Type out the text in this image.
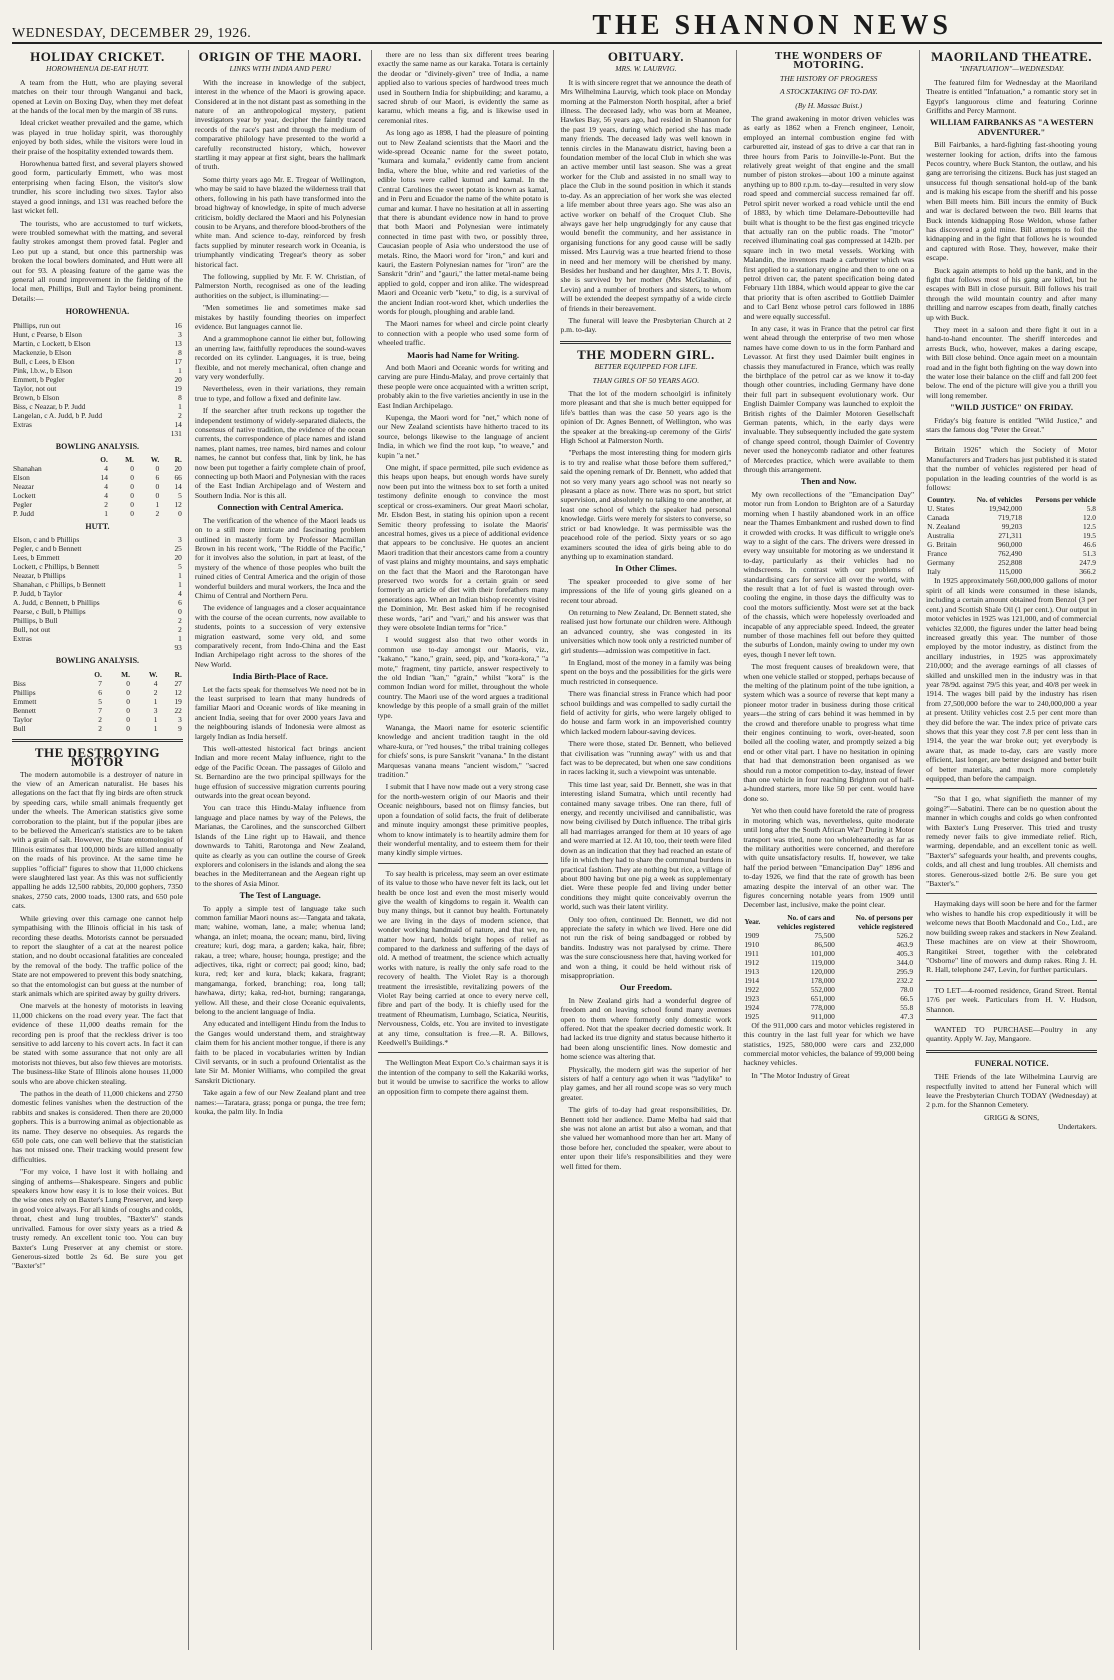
WEDNESDAY, DECEMBER 29, 1926.	THE SHANNON NEWS
HOLIDAY CRICKET.
HOROWHENUA DE-EAT HUTT.

A team from the Hutt, who are playing several matches on their tour through Wanganui and back, opened at Levin on Boxing Day, when they met defeat at the hands of the local men by the margin of 38 runs.

Ideal cricket weather prevailed and the game, which was played in true holiday spirit, was thoroughly enjoyed by both sides, while the visitors were loud in their praise of the hospitality extended towards them.

Horowhenua batted first, and several players showed good form, particularly Emmett, who was most enterprising when facing Elson, the visitor's slow trundler, his score including two sixes. Taylor also stayed a good innings, and 131 was reached before the last wicket fell.

The tourists, who are accustomed to turf wickets, were troubled somewhat with the matting, and several faulty strokes amongst them proved fatal. Pegler and Leo put up a stand, but once this partnership was broken the local bowlers dominated, and Hutt were all out for 93. A pleasing feature of the game was the general all round improvement in the fielding of the local men, Phillips, Bull and Taylor being prominent. Details:—

HOROWHENUA.
Phillips, run out	16
Hunt, c Pearse, b Elson	3
Martin, c Lockett, b Elson	13
Mackenzie, b Elson	8
Bull, c Lees, b Elson	17
Pink, l.b.w., b Elson	1
Emmett, b Pegler	20
Taylor, not out	19
Brown, b Elson	8
Biss, c Neazar, b P. Judd	1
Langelan, c A. Judd, b P. Judd	2
Extras	14
	131
BOWLING ANALYSIS.
	O.	M.	W.	R.
Shanahan	4	0	0	20
Elson	14	0	6	66
Neazar	4	0	0	14
Lockett	4	0	0	5
Pegler	2	0	1	12
P. Judd	1	0	2	0
HUTT.
Elson, c and b Phillips	3
Pegler, c and b Bennett	25
Lees, b Emmett	20
Lockett, c Phillips, b Bennett	5
Neazar, b Phillips	1
Shanahan, c Phillips, b Bennett	1
P. Judd, b Taylor	4
A. Judd, c Bennett, b Phillips	6
Pearse, c Bull, b Phillips	0
Phillips, b Bull	2
Bull, not out	2
Extras	1
	93
BOWLING ANALYSIS.
	O.	M.	W.	R.
Biss	7	0	4	27
Phillips	6	0	2	12
Emmett	5	0	1	19
Bennett	7	0	3	22
Taylor	2	0	1	3
Bull	2	0	1	9
THE DESTROYING MOTOR

The modern automobile is a destroyer of nature in the view of an American naturalist. He bases his allegations on the fact that fly ing birds are often struck by speeding cars, while small animals frequently get under the wheels. The American statistics give some corroboration to the plaint, but if the popular jibes are to be believed the American's statistics are to be taken with a grain of salt. However, the State entomologist of Illinois estimates that 100,000 birds are killed annually on the roads of his province. At the same time he supplies "official" figures to show that 11,000 chickens were slaughtered last year. As this was not sufficiently appalling he adds 12,500 rabbits, 20,000 gophers, 7350 snakes, 2750 cats, 2000 toads, 1300 rats, and 650 pole cats.

While grieving over this carnage one cannot help sympathising with the Illinois official in his task of recording these deaths. Motorists cannot be persuaded to report the slaughter of a cat at the nearest police station, and no doubt occasional fatalities are concealed by the removal of the body. The traffic police of the State are not empowered to prevent this body snatching, so that the entomologist can but guess at the number of stark animals which are spirited away by guilty drivers.

One marvels at the honesty of motorists in leaving 11,000 chickens on the road every year. The fact that evidence of these 11,000 deaths remain for the recording pen is proof that the reckless driver is too sensitive to add larceny to his covert acts. In fact it can be stated with some assurance that not only are all motorists not thieves, but also few thieves are motorists. The business-like State of Illinois alone houses 11,000 souls who are above chicken stealing.

The pathos in the death of 11,000 chickens and 2750 domestic felines vanishes when the destruction of the rabbits and snakes is considered. Then there are 20,000 gophers. This is a burrowing animal as objectionable as its name. They deserve no obsequies. As regards the 650 pole cats, one can well believe that the statistician has not missed one. Their tracking would present few difficulties.

"For my voice, I have lost it with hollaing and singing of anthems—Shakespeare. Singers and public speakers know how easy it is to lose their voices. But the wise ones rely on Baxter's Lung Preserver, and keep in good voice always. For all kinds of coughs and colds, throat, chest and lung troubles, "Baxter's" stands unrivalled. Famous for over sixty years as a tried & trusty remedy. An excellent tonic too. You can buy Baxter's Lung Preserver at any chemist or store. Generous-sized bottle 2s 6d. Be sure you get "Baxter's!"

ORIGIN OF THE MAORI.
LINKS WITH INDIA AND PERU

With the increase in knowledge of the subject, interest in the whence of the Maori is growing apace. Considered at in the not distant past as something in the nature of an anthropological mystery, patient investigators year by year, decipher the faintly traced records of the race's past and through the medium of comparative philology have presented to the world a carefully reconstructed history, which, however startling it may appear at first sight, bears the hallmark of truth.

Some thirty years ago Mr. E. Tregear of Wellington, who may be said to have blazed the wilderness trail that others, following in his path have transformed into the broad highway of knowledge, in spite of much adverse criticism, boldly declared the Maori and his Polynesian cousin to be Aryans, and therefore blood-brothers of the white man. And science to-day, reinforced by fresh facts supplied by minuter research work in Oceania, is triumphantly vindicating Tregear's theory as sober historical fact.

The following, supplied by Mr. F. W. Christian, of Palmerston North, recognised as one of the leading authorities on the subject, is illuminating:—

"Men sometimes lie and sometimes make sad mistakes by hastily founding theories on imperfect evidence. But languages cannot lie.

And a grammophone cannot lie either but, following an unerring law, faithfully reproduces the sound-waves recorded on its cylinder. Languages, it is true, being flexible, and not merely mechanical, often change and vary very wonderfully.

Nevertheless, even in their variations, they remain true to type, and follow a fixed and definite law.

If the searcher after truth reckons up together the independent testimony of widely-separated dialects, the consensus of native tradition, the evidence of the ocean currents, the correspondence of place names and island names, plant names, tree names, bird names and colour names, he cannot but confess that, link by link, he has now been put together a fairly complete chain of proof, connecting up both Maori and Polynesian with the races of the East Indian Archipelago and of Western and Southern India. Nor is this all.

Connection with Central America.

The verification of the whence of the Maori leads us on to a still more intricate and fascinating problem outlined in masterly form by Professor Macmillan Brown in his recent work, "The Riddle of the Pacific," for it involves also the solution, in part at least, of the mystery of the whence of those peoples who built the ruined cities of Central America and the origin of those wonderful builders and mural workers, the Inca and the Chimu of Central and Northern Peru.

The evidence of languages and a closer acquaintance with the course of the ocean currents, now available to students, points to a succession of very extensive migration eastward, some very old, and some comparatively recent, from Indo-China and the East Indian Archipelago right across to the shores of the New World.

India Birth-Place of Race.

Let the facts speak for themselves We need not be in the least surprised to learn that many hundreds of familiar Maori and Oceanic words of like meaning in ancient India, seeing that for over 2000 years Java and the neighbouring islands of Indonesia were almost as largely Indian as India herself.

This well-attested historical fact brings ancient Indian and more recent Malay influence, right to the edge of the Pacific Ocean. The passages of Gilolo and St. Bernardino are the two principal spillways for the huge effusion of successive migration currents pouring outwards into the great ocean beyond.

You can trace this Hindu-Malay influence from language and place names by way of the Pelews, the Marianas, the Carolines, and the sunscorched Gilbert Islands of the Line right up to Hawaii, and thence downwards to Tahiti, Rarotonga and New Zealand, quite as clearly as you can outline the course of Greek explorers and colonisers in the islands and along the sea beaches in the Mediterranean and the Aegean right up to the shores of Asia Minor.

The Test of Language.

To apply a simple test of language take such common familiar Maori nouns as:—Tangata and takata, man; wahine, woman, lane, a male; whenua land; whanga, an inlet; moana, the ocean; manu, bird, living creature; kuri, dog; mara, a garden; kaka, hair, fibre; rakau, a tree; whare, house; hounga, prestige; and the adjectives, tika, right or correct; pai good; kino, bad; kura, red; ker and kura, black; kakara, fragrant; mangamanga, forked, branching; roa, long tall; hawhawa, dirty; kaka, red-hot, burning; rangaranga, yellow. All these, and their close Oceanic equivalents, belong to the ancient language of India.

Any educated and intelligent Hindu from the Indus to the Ganges would understand them, and straightway claim them for his ancient mother tongue, if there is any faith to be placed in vocabularies written by Indian Civil servants, or in such a profound Orientalist as the late Sir M. Monier Williams, who compiled the great Sanskrit Dictionary.

Take again a few of our New Zealand plant and tree names:—Taratara, grass; ponga or punga, the tree fern; kouka, the palm lily. In India

there are no less than six different trees bearing exactly the same name as our karaka. Totara is certainly the deodar or "divinely-given" tree of India, a name applied also to various species of hardwood trees much used in Southern India for shipbuilding; and karamu, a sacred shrub of our Maori, is evidently the same as karamu, which means a fig, and is likewise used in ceremonial rites.

As long ago as 1898, I had the pleasure of pointing out to New Zealand scientists that the Maori and the wide-spread Oceanic name for the sweet potato, "kumara and kumala," evidently came from ancient India, where the blue, white and red varieties of the edible lotus were called kumud and kamal. In the Central Carolines the sweet potato is known as kamal, and in Peru and Ecuador the name of the white potato is cumar and kumar. I have no hesitation at all in asserting that there is abundant evidence now in hand to prove that both Maori and Polynesian were intimately connected in time past with two, or possibly three, Caucasian people of Asia who understood the use of metals. Rino, the Maori word for "iron," and kuri and kauri, the Eastern Polynesian names for "iron" are the Sanskrit "drin" and "gauri," the latter metal-name being applied to gold, copper and iron alike. The widespread Maori and Oceanic verb "ketu," to dig, is a survival of the ancient Indian root-word khet, which underlies the words for plough, ploughing and arable land.

The Maori names for wheel and circle point clearly to connection with a people who used some form of wheeled traffic.

Maoris had Name for Writing.

And both Maori and Oceanic words for writing and carving are pure Hindu-Malay, and prove certainly that these people were once acquainted with a written script, probably akin to the five varieties anciently in use in the East Indian Archipelago.

Kupenga, the Maori word for "net," which none of our New Zealand scientists have hitherto traced to its source, belongs likewise to the language of ancient India, in which we find the root kup, "to weave," and kupin "a net."

One might, if space permitted, pile such evidence as this heaps upon heaps, but enough words have surely now been put into the witness box to set forth a united testimony definite enough to convince the most sceptical or cross-examiners. Our great Maori scholar, Mr. Elsdon Best, in stating his opinion upon a recent Semitic theory professing to isolate the Maoris' ancestral homes, gives us a piece of additional evidence that appears to be conclusive. He quotes an ancient Maori tradition that their ancestors came from a country of vast plains and mighty mountains, and says emphatic on the fact that the Maori and the Rarotongan have preserved two words for a certain grain or seed formerly an article of diet with their forefathers many generations ago. When an Indian bishop recently visited the Dominion, Mr. Best asked him if he recognised these words, "ari" and "vari," and his answer was that they were obsolete Indian terms for "rice."

I would suggest also that two other words in common use to-day amongst our Maoris, viz., "kakano," "kano," grain, seed, pip, and "kora-kora," "a mote," fragment, tiny particle, answer respectively to the old Indian "kan," "grain," whilst "kora" is the common Indian word for millet, throughout the whole country. The Maori use of the word argues a traditional knowledge by this people of a small grain of the millet type.

Wananga, the Maori name for esoteric scientific knowledge and ancient tradition taught in the old whare-kura, or "red houses," the tribal training colleges for chiefs' sons, is pure Sanskrit "vanana." In the distant Marquesas vanana means "ancient wisdom," "sacred tradition."

I submit that I have now made out a very strong case for the north-western origin of our Maoris and their Oceanic neighbours, based not on flimsy fancies, but upon a foundation of solid facts, the fruit of deliberate and minute inquiry amongst these primitive peoples, whom to know intimately is to heartily admire them for their wonderful mentality, and to esteem them for their many kindly simple virtues.

To say health is priceless, may seem an over estimate of its value to those who have never felt its lack, out let health be once lost and even the most miserly would give the wealth of kingdoms to regain it. Wealth can buy many things, but it cannot buy health. Fortunately we are living in the days of modern science, that wonder working handmaid of nature, and that we, no matter how hard, holds bright hopes of relief as compared to the darkness and suffering of the days of old. A method of treatment, the science which actually works with nature, is really the only safe road to the recovery of health. The Violet Ray is a thorough treatment the irresistible, revitalizing powers of the Violet Ray being carried at once to every nerve cell, fibre and part of the body. It is chiefly used for the treatment of Rheumatism, Lumbago, Sciatica, Neuritis, Nervousness, Colds, etc. You are invited to investigate at any time, consultation is free.—R. A. Billows, Keedwell's Buildings.*

The Wellington Meat Export Co.'s chairman says it is the intention of the company to sell the Kakariki works, but it would be unwise to sacrifice the works to allow an opposition firm to compete there against them.

OBITUARY.
MRS. W. LAURVIG.

It is with sincere regret that we announce the death of Mrs Wilhelmina Laurvig, which took place on Monday morning at the Palmerston North hospital, after a brief illness. The deceased lady, who was born at Meanee, Hawkes Bay, 56 years ago, had resided in Shannon for the past 19 years, during which period she has made many friends. The deceased lady was well known in tennis circles in the Manawatu district, having been a foundation member of the local Club in which she was an active member until last season. She was a great worker for the Club and assisted in no small way to place the Club in the sound position in which it stands to-day. As an appreciation of her work she was elected a life member about three years ago. She was also an active worker on behalf of the Croquet Club. She always gave her help ungrudgingly for any cause that would benefit the community, and her assistance in organising functions for any good cause will be sadly missed. Mrs Laurvig was a true hearted friend to those in need and her memory will be cherished by many. Besides her husband and her daughter, Mrs J. T. Bovis, she is survived by her mother (Mrs McGlashin, of Levin) and a number of brothers and sisters, to whom will be extended the deepest sympathy of a wide circle of friends in their bereavement.

The funeral will leave the Presbyterian Church at 2 p.m. to-day.

THE MODERN GIRL.
BETTER EQUIPPED FOR LIFE.
THAN GIRLS OF 50 YEARS AGO.

That the lot of the modern schoolgirl is infinitely more pleasant and that she is much better equipped for life's battles than was the case 50 years ago is the opinion of Dr. Agnes Bennett, of Wellington, who was the speaker at the breaking-up ceremony of the Girls' High School at Palmerston North.

"Perhaps the most interesting thing for modern girls is to try and realise what those before them suffered," said the opening remark of Dr. Bennett, who added that not so very many years ago school was not nearly so pleasant a place as now. There was no sport, but strict supervision, and absolutely no talking to one another, at least one school of which the speaker had personal knowledge. Girls were merely for sisters to converse, so strict or bad knowledge. It was permissible was the peacehood role of the period. Sixty years or so ago examiners scouted the idea of girls being able to do anything up to examination standard.

In Other Climes.

The speaker proceeded to give some of her impressions of the life of young girls gleaned on a recent tour abroad.

On returning to New Zealand, Dr. Bennett stated, she realised just how fortunate our children were. Although an advanced country, she was congested in its universities which now took only a restricted number of girl students—admission was competitive in fact.

In England, most of the money in a family was being spent on the boys and the possibilities for the girls were much restricted in consequence.

There was financial stress in France which had poor school buildings and was compelled to sadly curtail the field of activity for girls, who were largely obliged to do house and farm work in an impoverished country which lacked modern labour-saving devices.

There were those, stated Dr. Bennett, who believed that civilisation was "running away" with us and that fact was to be deprecated, but when one saw conditions in races lacking it, such a viewpoint was untenable.

This time last year, said Dr. Bennett, she was in that interesting island Sumatra, which until recently had contained many savage tribes. One ran there, full of energy, and recently uncivilised and cannibalistic, was now being civilised by Dutch influence. The tribal girls all had marriages arranged for them at 10 years of age and were married at 12. At 10, too, their teeth were filed down as an indication that they had reached an estate of life in which they had to share the communal burdens in practical fashion. They ate nothing but rice, a village of about 800 having but one pig a week as supplementary diet. Were these people fed and living under better conditions they might quite conceivably overrun the world, such was their latent virility.

Only too often, continued Dr. Bennett, we did not appreciate the safety in which we lived. Here one did not run the risk of being sandbagged or robbed by bandits. Industry was not paralysed by crime. There was the sure consciousness here that, having worked for and won a thing, it could be held without risk of misappropriation.

Our Freedom.

In New Zealand girls had a wonderful degree of freedom and on leaving school found many avenues open to them where formerly only domestic work offered. Not that the speaker decried domestic work. It had lacked its true dignity and status because hitherto it had been along unscientific lines. Now domestic and home science was altering that.

Physically, the modern girl was the superior of her sisters of half a century ago when it was "ladylike" to play games, and her all round scope was so very much greater.

The girls of to-day had great responsibilities, Dr. Bennett told her audience. Dame Melba had said that she was not alone an artist but also a woman, and that she valued her womanhood more than her art. Many of those before her, concluded the speaker, were about to enter upon their life's responsibilities and they were well fitted for them.

THE WONDERS OF MOTORING.
THE HISTORY OF PROGRESS
A STOCKTAKING OF TO-DAY.
(By H. Massac Buist.)

The grand awakening in motor driven vehicles was as early as 1862 when a French engineer, Lenoir, employed an internal combustion engine fed with carburetted air, instead of gas to drive a car that ran in three hours from Paris to Joinville-le-Pont. But the relatively great weight of that engine and the small number of piston strokes—about 100 a minute against anything up to 800 r.p.m. to-day—resulted in very slow road speed and commercial success remained far off. Petrol spirit never worked a road vehicle until the end of 1883, by which time Delamare-Deboutteville had built what is thought to be the first gas engined tricycle that actually ran on the public roads. The "motor" received illuminating coal gas compressed at 142lb. per square inch in two metal vessels. Working with Malandin, the inventors made a carburetter which was first applied to a stationary engine and then to one on a petrol driven car, the patent specification being dated February 11th 1884, which would appear to give the car that priority that is often ascribed to Gottlieb Daimler and to Carl Benz whose petrol cars followed in 1886 and were equally successful.

In any case, it was in France that the petrol car first went ahead through the enterprise of two men whose names have come down to us in the form Panhard and Levassor. At first they used Daimler built engines in chassis they manufactured in France, which was really the birthplace of the petrol car as we know it to-day though other countries, including Germany have done their full part in subsequent evolutionary work. Our English Daimler Company was launched to exploit the British rights of the Daimler Motoren Gesellschaft German patents, which, in the early days were invaluable. They subsequently included the gate system of change speed control, though Daimler of Coventry never used the honeycomb radiator and other features of Mercedes practice, which were available to them through this arrangement.

Then and Now.

My own recollections of the "Emancipation Day" motor run from London to Brighton are of a Saturday morning when I hastily abandoned work in an office near the Thames Embankment and rushed down to find it crowded with crocks. It was difficult to wriggle one's way to a sight of the cars. The drivers were dressed in every way unsuitable for motoring as we understand it to-day, particularly as their vehicles had no windscreens. In contrast with our problems of standardising cars for service all over the world, with the result that a lot of fuel is wasted through over-cooling the engine, in those days the difficulty was to cool the motors sufficiently. Most were set at the back of the chassis, which were hopelessly overloaded and incapable of any appreciable speed. Indeed, the greater number of those machines fell out before they quitted the suburbs of London, mainly owing to under my own eyes, though I never left town.

The most frequent causes of breakdown were, that when one vehicle stalled or stopped, perhaps because of the melting of the platinum point of the tube ignition, a system which was a source of reverse that kept many a pioneer motor trader in business during those critical years—the string of cars behind it was hemmed in by the crowd and therefore unable to progress what time their engines continuing to work, over-heated, soon boiled all the cooling water, and promptly seized a big end or other vital part. I have no hesitation in opining that had that demonstration been organised as we should run a motor competition to-day, instead of fewer than one vehicle in four reaching Brighton out of half-a-hundred starters, more like 50 per cent. would have done so.

Yet who then could have foretold the rate of progress in motoring which was, nevertheless, quite moderate until long after the South African War? During it Motor transport was tried, none too wholeheartedly as far as the military authorities were concerned, and therefore with quite unsatisfactory results. If, however, we take half the period between "Emancipation Day" 1896 and to-day 1926, we find that the rate of growth has been amazing despite the interval of an other war. The figures concerning notable years from 1909 until December last, inclusive, make the point clear.

Year.	No. of cars and vehicles registered	No. of persons per vehicle registered
1909	75,500	526.2
1910	86,500	463.9
1911	101,000	405.3
1912	119,000	344.0
1913	120,000	295.9
1914	178,000	232.2
1922	552,000	78.0
1923	651,000	66.5
1924	778,000	55.8
1925	911,000	47.3

Of the 911,000 cars and motor vehicles registered in this country in the last full year for which we have statistics, 1925, 580,000 were cars and 232,000 commercial motor vehicles, the balance of 99,000 being hackney vehicles.

In "The Motor Industry of Great

MAORILAND THEATRE.
"INFATUATION"—WEDNESDAY.

The featured film for Wednesday at the Maoriland Theatre is entitled "Infatuation," a romantic story set in Egypt's languorous clime and featuring Corinne Griffiths and Percy Marmont.

WILLIAM FAIRBANKS AS "A WESTERN ADVENTURER."

Bill Fairbanks, a hard-fighting fast-shooting young westerner looking for action, drifts into the famous Pecos country, where Buck Stanton, the outlaw, and his gang are terrorising the citizens. Buck has just staged an unsuccess ful though sensational hold-up of the bank and is making his escape from the sheriff and his posse when Bill meets him. Bill incurs the enmity of Buck and war is declared between the two. Bill learns that Buck intends kidnapping Rose Weldon, whose father has discovered a gold mine. Bill attempts to foil the kidnapping and in the fight that follows he is wounded and captured with Rose. They, however, make their escape.

Buck again attempts to hold up the bank, and in the fight that follows most of his gang are killed, but he escapes with Bill in close pursuit. Bill follows his trail through the wild mountain country and after many thrilling and narrow escapes from death, finally catches up with Buck.

They meet in a saloon and there fight it out in a hand-to-hand encounter. The sheriff intercedes and arrests Buck, who, however, makes a daring escape, with Bill close behind. Once again meet on a mountain road and in the fight both fighting on the way down into the water lose their balance on the cliff and fall 200 feet below. The end of the picture will give you a thrill you will long remember.

"WILD JUSTICE" ON FRIDAY.

Friday's big feature is entitled "Wild Justice," and stars the famous dog "Peter the Great."

Britain 1926" which the Society of Motor Manufacturers and Traders has just published it is stated that the number of vehicles registered per head of population in the leading countries of the world is as follows:

Country.	No. of vehicles	Persons per vehicle
U. States	19,942,000	5.8
Canada	719,718	12.0
N. Zealand	99,203	12.5
Australia	271,311	19.5
G. Britain	960,000	46.6
France	762,490	51.3
Germany	252,808	247.9
Italy	115,000	366.2

In 1925 approximately 560,000,000 gallons of motor spirit of all kinds were consumed in these islands, including a certain amount obtained from Benzol (3 per cent.) and Scottish Shale Oil (1 per cent.). Our output in motor vehicles in 1925 was 121,000, and of commercial vehicles 32,000, the figures under the latter head being increased greatly this year. The number of those employed by the motor industry, as distinct from the ancillary industries, in 1925 was approximately 210,000; and the average earnings of all classes of skilled and unskilled men in the industry was in that year 78/9d. against 79/5 this year, and 40/8 per week in 1914. The wages bill paid by the industry has risen from 27,500,000 before the war to 240,000,000 a year at present. Utility vehicles cost 2.5 per cent more than they did before the war. The index price of private cars shows that this year they cost 7.8 per cent less than in 1914, the year the war broke out; yet everybody is aware that, as made to-day, cars are vastly more efficient, last longer, are better designed and better built of better materials, and much more completely equipped, than before the campaign.

"So that I go, what signifieth the manner of my going?"—Sabatini. There can be no question about the manner in which coughs and colds go when confronted with Baxter's Lung Preserver. This tried and trusty remedy never fails to give immediate relief. Rich, warming, dependable, and an excellent tonic as well. "Baxter's" safeguards your health, and prevents coughs, colds, and all chest and lung troubles. All chemists and stores. Generous-sized bottle 2/6. Be sure you get "Baxter's."

Haymaking days will soon be here and for the farmer who wishes to handle his crop expeditiously it will be welcome news that Booth Macdonald and Co., Ltd., are now building sweep rakes and stackers in New Zealand. These machines are on view at their Showroom, Rangitikei Street, together with the celebrated "Osborne" line of mowers and dump rakes. Ring J. H. R. Hall, telephone 247, Levin, for further particulars.

TO LET—4-roomed residence, Grand Street. Rental 17/6 per week. Particulars from H. V. Hudson, Shannon.

WANTED TO PURCHASE—Poultry in any quantity. Apply W. Jay, Mangaore.

FUNERAL NOTICE.

THE Friends of the late Wilhelmina Laurvig are respectfully invited to attend her Funeral which will leave the Presbyterian Church TODAY (Wednesday) at 2 p.m. for the Shannon Cemetery.

GRIGG & SONS,
Undertakers.
